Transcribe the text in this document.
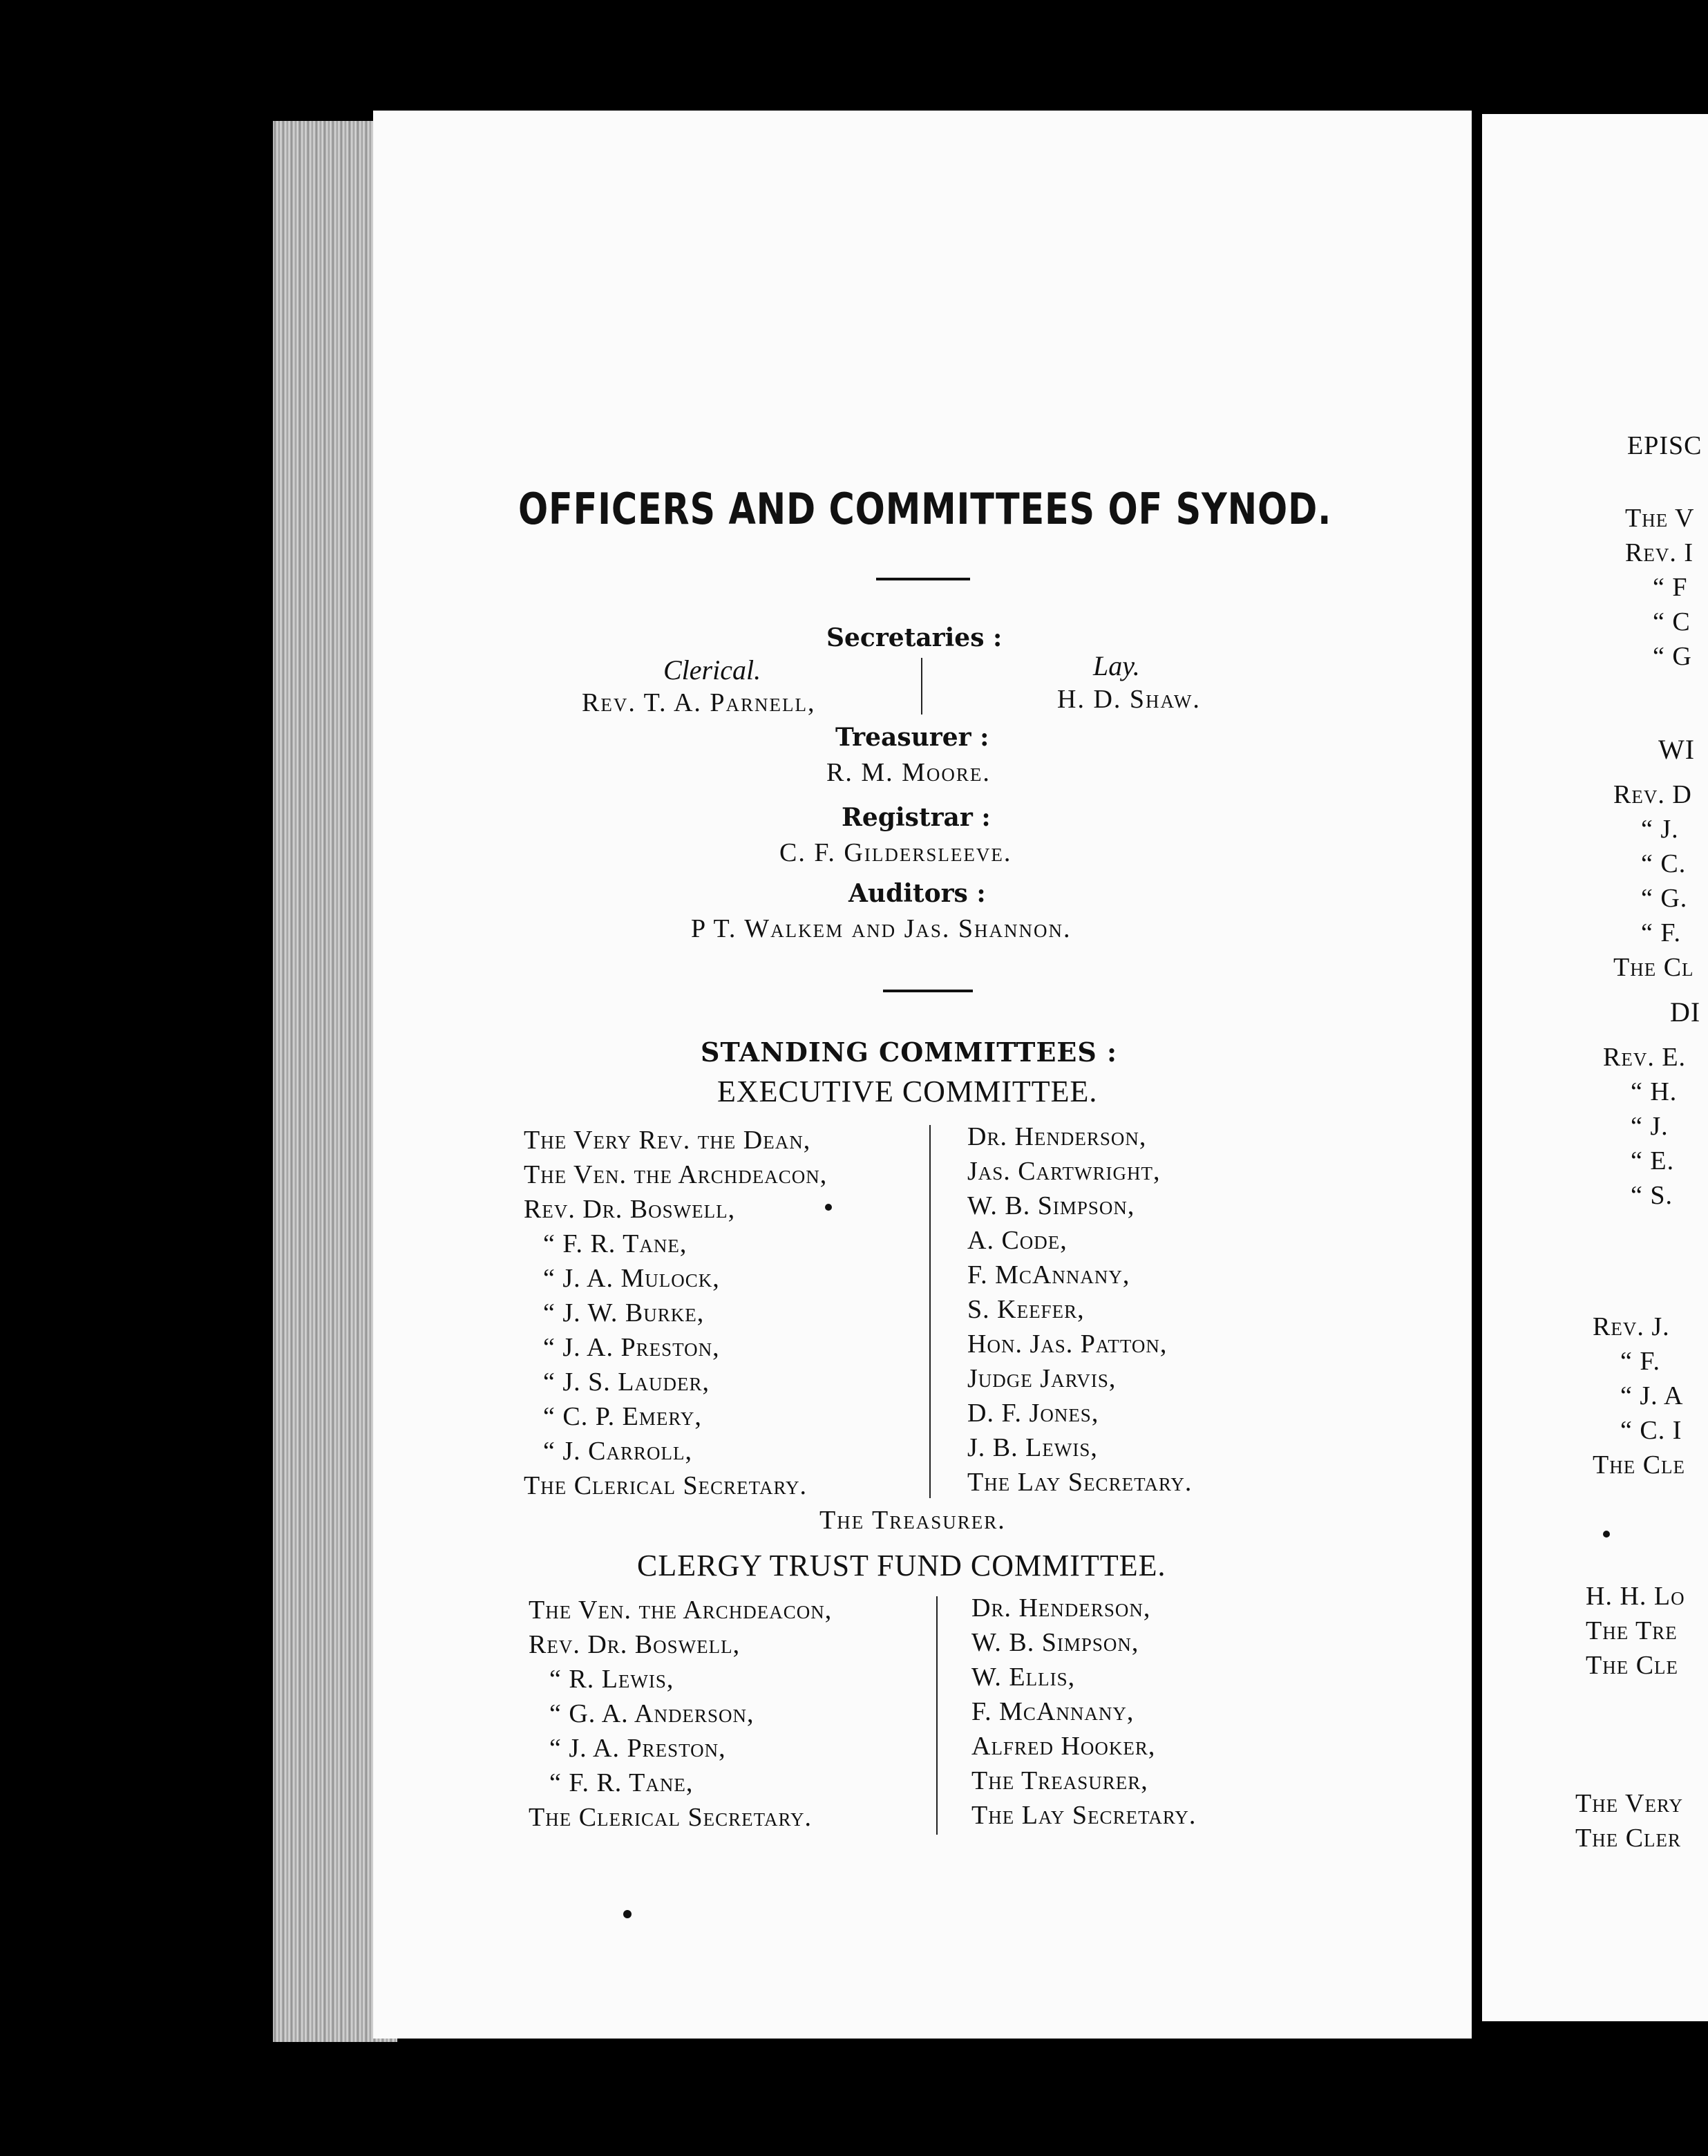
OFFICERS AND COMMITTEES OF SYNOD.
Secretaries :
Clerical.
Rev. T. A. Parnell,
Lay.
H. D. Shaw.
Treasurer :
R. M. Moore.
Registrar :
C. F. Gildersleeve.
Auditors :
P T. Walkem and Jas. Shannon.
STANDING COMMITTEES :
EXECUTIVE COMMITTEE.
The Very Rev. the Dean,
The Ven. the Archdeacon,
Rev. Dr. Boswell,
“ F. R. Tane,
“ J. A. Mulock,
“ J. W. Burke,
“ J. A. Preston,
“ J. S. Lauder,
“ C. P. Emery,
“ J. Carroll,
The Clerical Secretary.
Dr. Henderson,
Jas. Cartwright,
W. B. Simpson,
A. Code,
F. McAnnany,
S. Keefer,
Hon. Jas. Patton,
Judge Jarvis,
D. F. Jones,
J. B. Lewis,
The Lay Secretary.
The Treasurer.
CLERGY TRUST FUND COMMITTEE.
The Ven. the Archdeacon,
Rev. Dr. Boswell,
“ R. Lewis,
“ G. A. Anderson,
“ J. A. Preston,
“ F. R. Tane,
The Clerical Secretary.
Dr. Henderson,
W. B. Simpson,
W. Ellis,
F. McAnnany,
Alfred Hooker,
The Treasurer,
The Lay Secretary.
EPISC
The V
Rev. I
“ F
“ C
“ G
WI
Rev. D
“ J.
“ C.
“ G.
“ F.
The Cl
DI
Rev. E.
“ H.
“ J.
“ E.
“ S.
Rev. J.
“ F.
“ J. A
“ C. I
The Cle
H. H. Lo
The Tre
The Cle
The Very
The Cler
